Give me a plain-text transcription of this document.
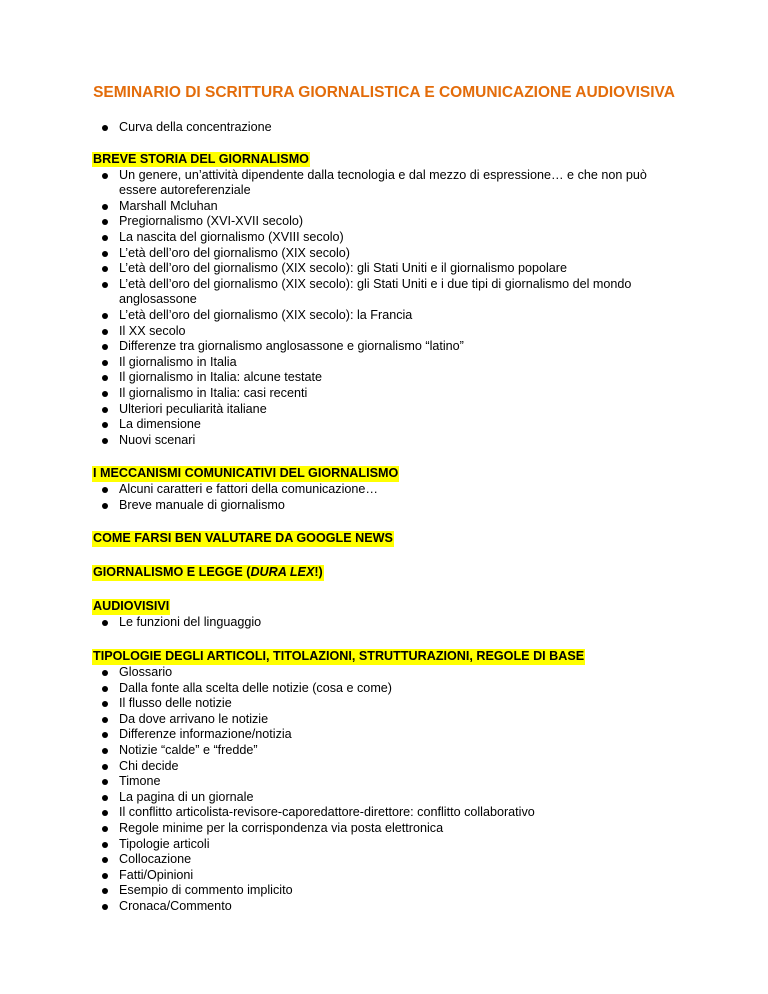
SEMINARIO DI SCRITTURA GIORNALISTICA E COMUNICAZIONE AUDIOVISIVA
Curva della concentrazione
BREVE STORIA DEL GIORNALISMO
Un genere, un’attività dipendente dalla tecnologia e dal mezzo di espressione… e che non può essere autoreferenziale
Marshall Mcluhan
Pregiornalismo (XVI-XVII secolo)
La nascita del giornalismo (XVIII secolo)
L’età dell’oro del giornalismo (XIX secolo)
L’età dell’oro del giornalismo (XIX secolo): gli Stati Uniti e il giornalismo popolare
L’età dell’oro del giornalismo (XIX secolo): gli Stati Uniti e i due tipi di giornalismo del mondo anglosassone
L’età dell’oro del giornalismo (XIX secolo): la Francia
Il XX secolo
Differenze tra giornalismo anglosassone e giornalismo “latino”
Il giornalismo in Italia
Il giornalismo in Italia: alcune testate
Il giornalismo in Italia: casi recenti
Ulteriori peculiarità italiane
La dimensione
Nuovi scenari
I MECCANISMI COMUNICATIVI DEL GIORNALISMO
Alcuni caratteri e fattori della comunicazione…
Breve manuale di giornalismo
COME FARSI BEN VALUTARE DA GOOGLE NEWS
GIORNALISMO E LEGGE (DURA LEX!)
AUDIOVISIVI
Le funzioni del linguaggio
TIPOLOGIE DEGLI ARTICOLI, TITOLAZIONI, STRUTTURAZIONI, REGOLE DI BASE
Glossario
Dalla fonte alla scelta delle notizie (cosa e come)
Il flusso delle notizie
Da dove arrivano le notizie
Differenze informazione/notizia
Notizie “calde” e “fredde”
Chi decide
Timone
La pagina di un giornale
Il conflitto articolista-revisore-caporedattore-direttore: conflitto collaborativo
Regole minime per la corrispondenza via posta elettronica
Tipologie articoli
Collocazione
Fatti/Opinioni
Esempio di commento implicito
Cronaca/Commento
